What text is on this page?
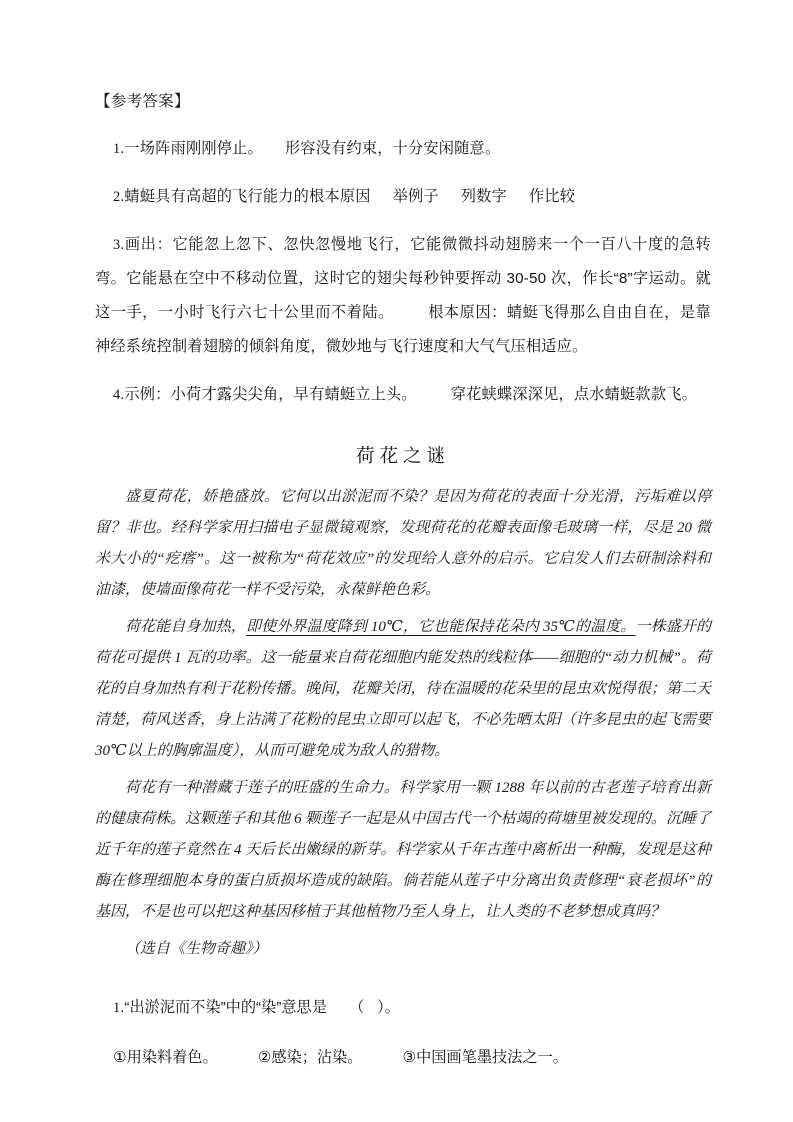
【参考答案】

1.一场阵雨刚刚停止。 形容没有约束，十分安闲随意。

2.蜻蜓具有高超的飞行能力的根本原因 举例子 列数字 作比较

3.画出：它能忽上忽下、忽快忽慢地飞行，它能微微抖动翅膀来一个一百八十度的急转弯。它能悬在空中不移动位置，这时它的翅尖每秒钟要挥动 30-50 次，作长“8”字运动。就这一手，一小时飞行六七十公里而不着陆。 根本原因：蜻蜓飞得那么自由自在，是靠神经系统控制着翅膀的倾斜角度，微妙地与飞行速度和大气气压相适应。

4.示例：小荷才露尖尖角，早有蜻蜓立上头。 穿花蛱蝶深深见，点水蜻蜓款款飞。

荷花之谜

盛夏荷花，娇艳盛放。它何以出淤泥而不染？是因为荷花的表面十分光滑，污垢难以停留？非也。经科学家用扫描电子显微镜观察，发现荷花的花瓣表面像毛玻璃一样，尽是 20 微米大小的“疙瘩”。这一被称为“荷花效应”的发现给人意外的启示。它启发人们去研制涂料和油漆，使墙面像荷花一样不受污染，永葆鲜艳色彩。

荷花能自身加热，即使外界温度降到 10℃，它也能保持花朵内 35℃的温度。一株盛开的荷花可提供 1 瓦的功率。这一能量来自荷花细胞内能发热的线粒体——细胞的“动力机械”。荷花的自身加热有利于花粉传播。晚间，花瓣关闭，待在温暖的花朵里的昆虫欢悦得很；第二天清楚，荷风送香，身上沾满了花粉的昆虫立即可以起飞，不必先晒太阳（许多昆虫的起飞需要 30℃以上的胸廓温度），从而可避免成为敌人的猎物。

荷花有一种潜藏于莲子的旺盛的生命力。科学家用一颗 1288 年以前的古老莲子培育出新的健康荷株。这颗莲子和其他 6 颗莲子一起是从中国古代一个枯竭的荷塘里被发现的。沉睡了近千年的莲子竟然在 4 天后长出嫩绿的新芽。科学家从千年古莲中离析出一种酶，发现是这种酶在修理细胞本身的蛋白质损坏造成的缺陷。倘若能从莲子中分离出负责修理“衰老损坏”的基因，不是也可以把这种基因移植于其他植物乃至人身上，让人类的不老梦想成真吗？

（选自《生物奇趣》）

1.“出淤泥而不染”中的“染”意思是 （ ）。

①用染料着色。	②感染；沾染。	③中国画笔墨技法之一。
